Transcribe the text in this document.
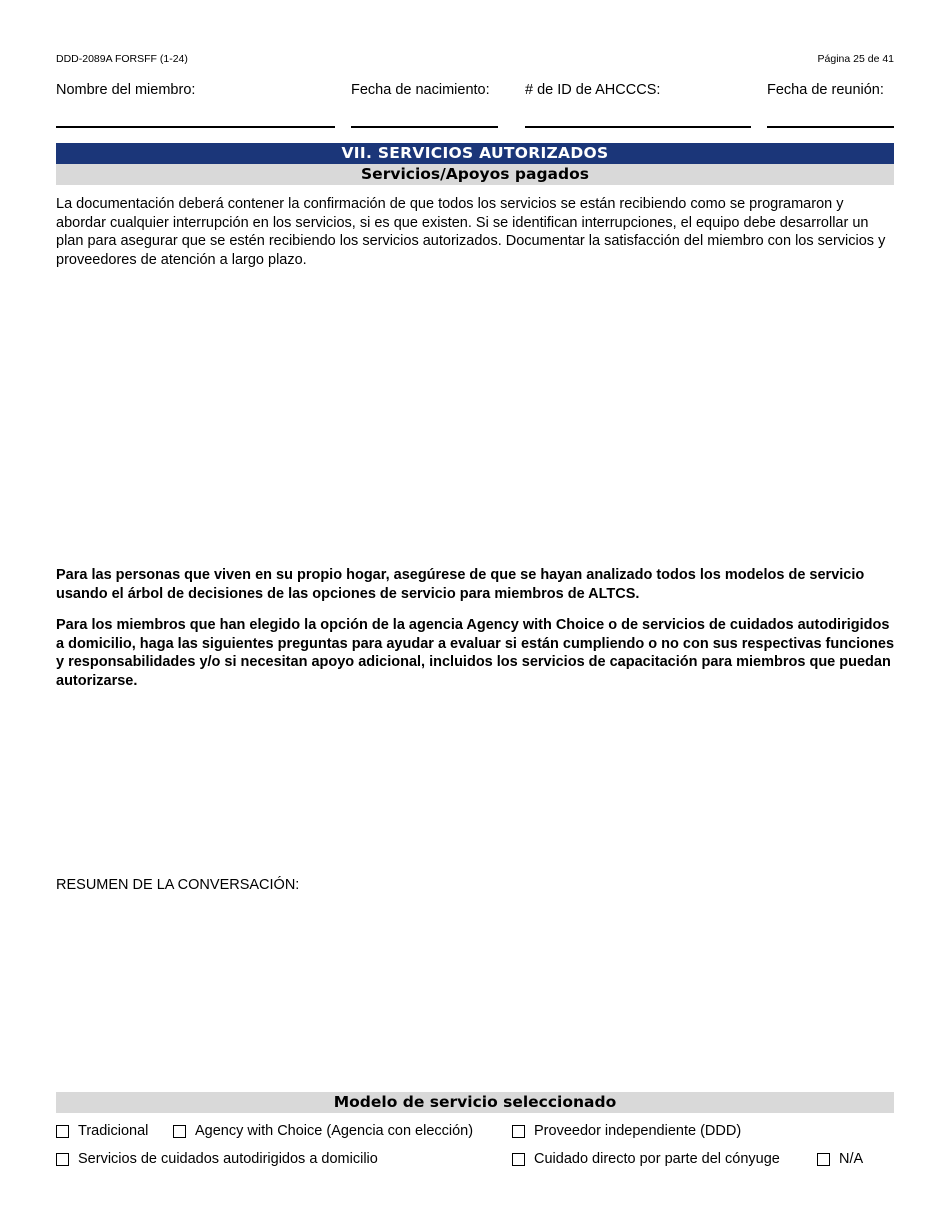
DDD-2089A FORSFF (1-24)	Página 25 de 41
Nombre del miembro:	Fecha de nacimiento: # de ID de AHCCCS:	Fecha de reunión:
VII. SERVICIOS AUTORIZADOS
Servicios/Apoyos pagados
La documentación deberá contener la confirmación de que todos los servicios se están recibiendo como se programaron y abordar cualquier interrupción en los servicios, si es que existen. Si se identifican interrupciones, el equipo debe desarrollar un plan para asegurar que se estén recibiendo los servicios autorizados. Documentar la satisfacción del miembro con los servicios y proveedores de atención a largo plazo.
Para las personas que viven en su propio hogar, asegúrese de que se hayan analizado todos los modelos de servicio usando el árbol de decisiones de las opciones de servicio para miembros de ALTCS.
Para los miembros que han elegido la opción de la agencia Agency with Choice o de servicios de cuidados autodirigidos a domicilio, haga las siguientes preguntas para ayudar a evaluar si están cumpliendo o no con sus respectivas funciones y responsabilidades y/o si necesitan apoyo adicional, incluidos los servicios de capacitación para miembros que puedan autorizarse.
RESUMEN DE LA CONVERSACIÓN:
Modelo de servicio seleccionado
Tradicional	Agency with Choice (Agencia con elección)	Proveedor independiente (DDD)
Servicios de cuidados autodirigidos a domicilio	Cuidado directo por parte del cónyuge	N/A
